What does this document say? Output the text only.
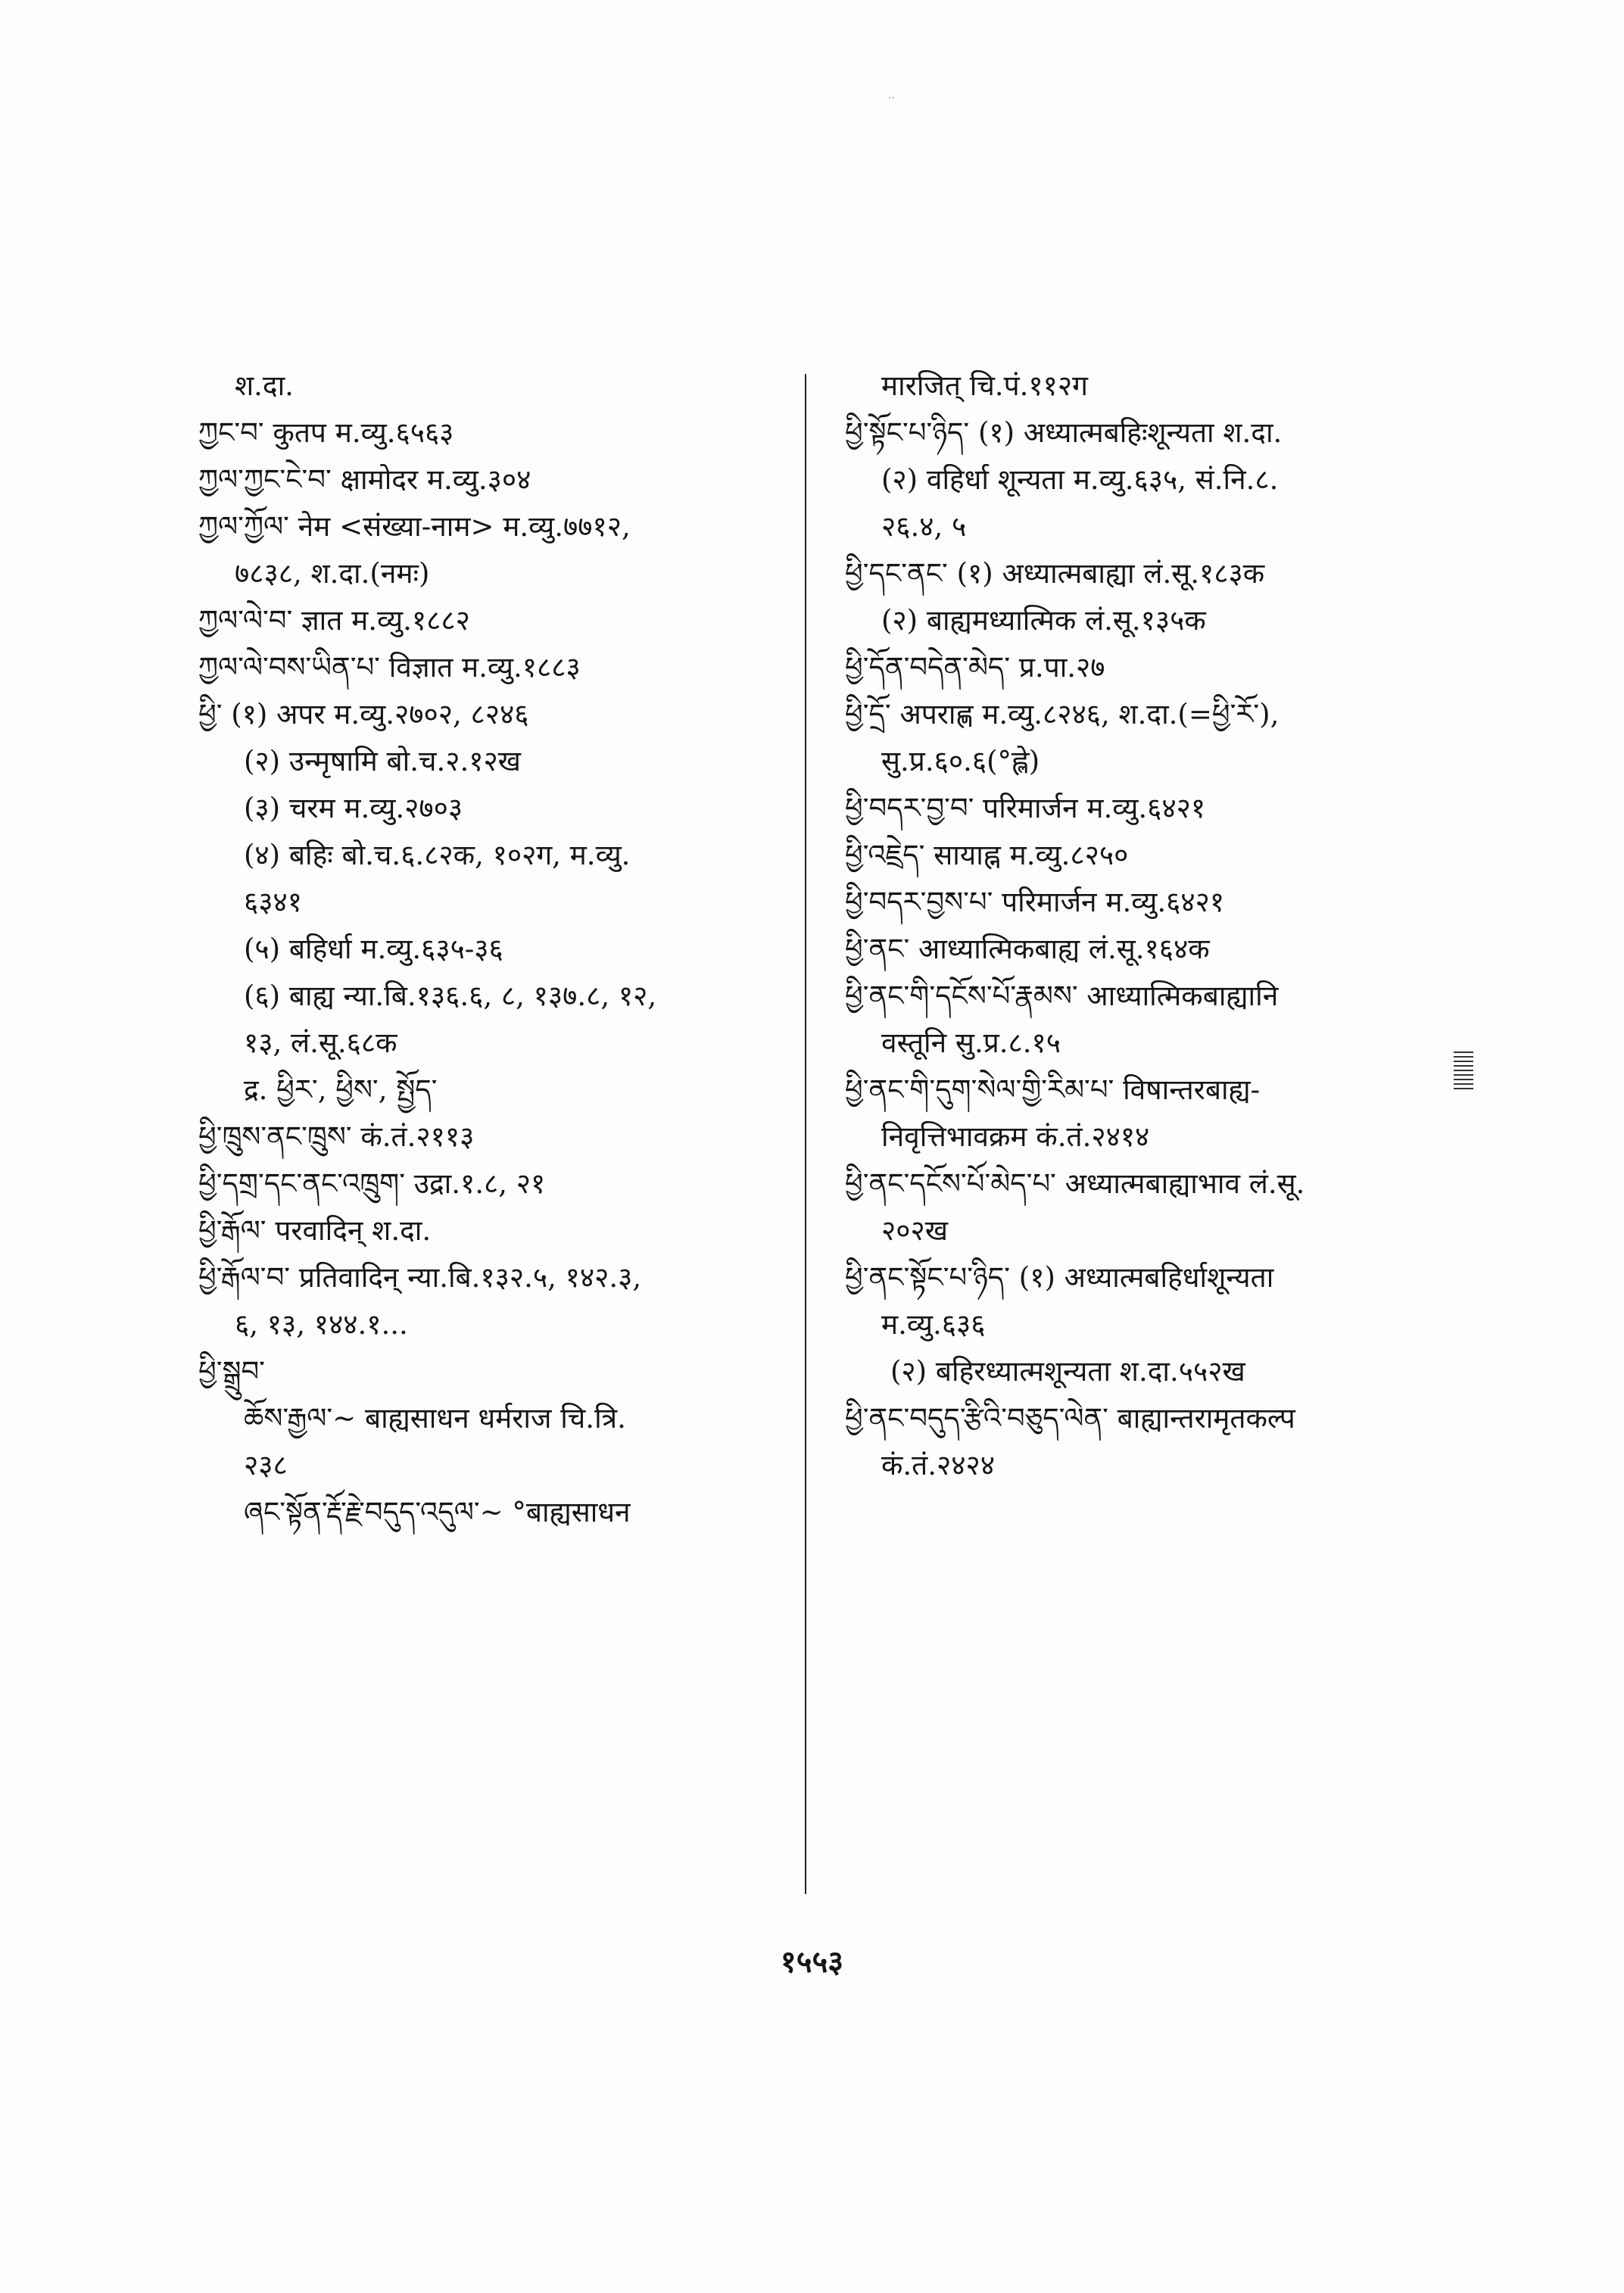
··
श.दा.
ཀྱང་བ་ कुतप म.व्यु.६५६३
ཀྱལ་ཀྱང་ངེ་བ་ क्षामोदर म.व्यु.३०४
ཀྱལ་ཀྱོལ་ नेम <संख्या-नाम> म.व्यु.७७१२,
७८३८, श.दा.(नमः)
ཀྱལ་ལེ་བ་ ज्ञात म.व्यु.१८८२
ཀྱལ་ལེ་བས་ཡིན་པ་ विज्ञात म.व्यु.१८८३
ཕྱི་ (१) अपर म.व्यु.२७०२, ८२४६
(२) उन्मृषामि बो.च.२.१२ख
(३) चरम म.व्यु.२७०३
(४) बहिः बो.च.६.८२क, १०२ग, म.व्यु.
६३४१
(५) बहिर्धा म.व्यु.६३५-३६
(६) बाह्य न्या.बि.१३६.६, ८, १३७.८, १२,
१३, लं.सू.६८क
द्र. ཕྱིར་, ཕྱིས་, སྤྱོད་
ཕྱི་ཁྲུས་ནང་ཁྲུས་ कं.तं.२११३
ཕྱི་དགྲ་དང་ནང་འཁྲུག་ उद्रा.१.८, २१
ཕྱི་རྒོལ་ परवादिन् श.दा.
ཕྱི་རྒོལ་བ་ प्रतिवादिन् न्या.बि.१३२.५, १४२.३,
६, १३, १४४.१...
ཕྱི་སྒྲུབ་
ཆོས་རྒྱལ་~ बाह्यसाधन धर्मराज चि.त्रि.
२३८
ཞང་སྟོན་རྡོ་རྗེ་བདུད་འདུལ་~ °बाह्यसाधन
मारजित् चि.पं.११२ग
ཕྱི་སྟོང་པ་ཉིད་ (१) अध्यात्मबहिःशून्यता श.दा.
(२) वहिर्धा शून्यता म.व्यु.६३५, सं.नि.८.
२६.४, ५
ཕྱི་དང་ནང་ (१) अध्यात्मबाह्या लं.सू.१८३क
(२) बाह्यमध्यात्मिक लं.सू.१३५क
ཕྱི་དོན་བདེན་མེད་ प्र.पा.२७
ཕྱི་དྲོ་ अपराह्ण म.व्यु.८२४६, श.दा.(=ཕྱི་རོ་),
सु.प्र.६०.६(°ह्ले)
ཕྱི་བདར་བྱ་བ་ परिमार्जन म.व्यु.६४२१
ཕྱི་འཇྲེད་ सायाह्न म.व्यु.८२५०
ཕྱི་བདར་བྱས་པ་ परिमार्जन म.व्यु.६४२१
ཕྱི་ནང་ आध्यात्मिकबाह्य लं.सू.१६४क
ཕྱི་ནང་གི་དངོས་པོ་རྣམས་ आध्यात्मिकबाह्यानि
वस्तूनि सु.प्र.८.१५
ཕྱི་ནང་གི་དུག་སེལ་གྱི་རིམ་པ་ विषान्तरबाह्य-
निवृत्तिभावक्रम कं.तं.२४१४
ཕྱི་ནང་དངོས་པོ་མེད་པ་ अध्यात्मबाह्याभाव लं.सू.
२०२ख
ཕྱི་ནང་སྟོང་པ་ཉིད་ (१) अध्यात्मबहिर्धाशून्यता
म.व्यु.६३६
(२) बहिरध्यात्मशून्यता श.दा.५५२ख
ཕྱི་ནང་བདུད་རྩིའི་བཅུད་ལེན་ बाह्यान्तरामृतकल्प
कं.तं.२४२४
१५५३
